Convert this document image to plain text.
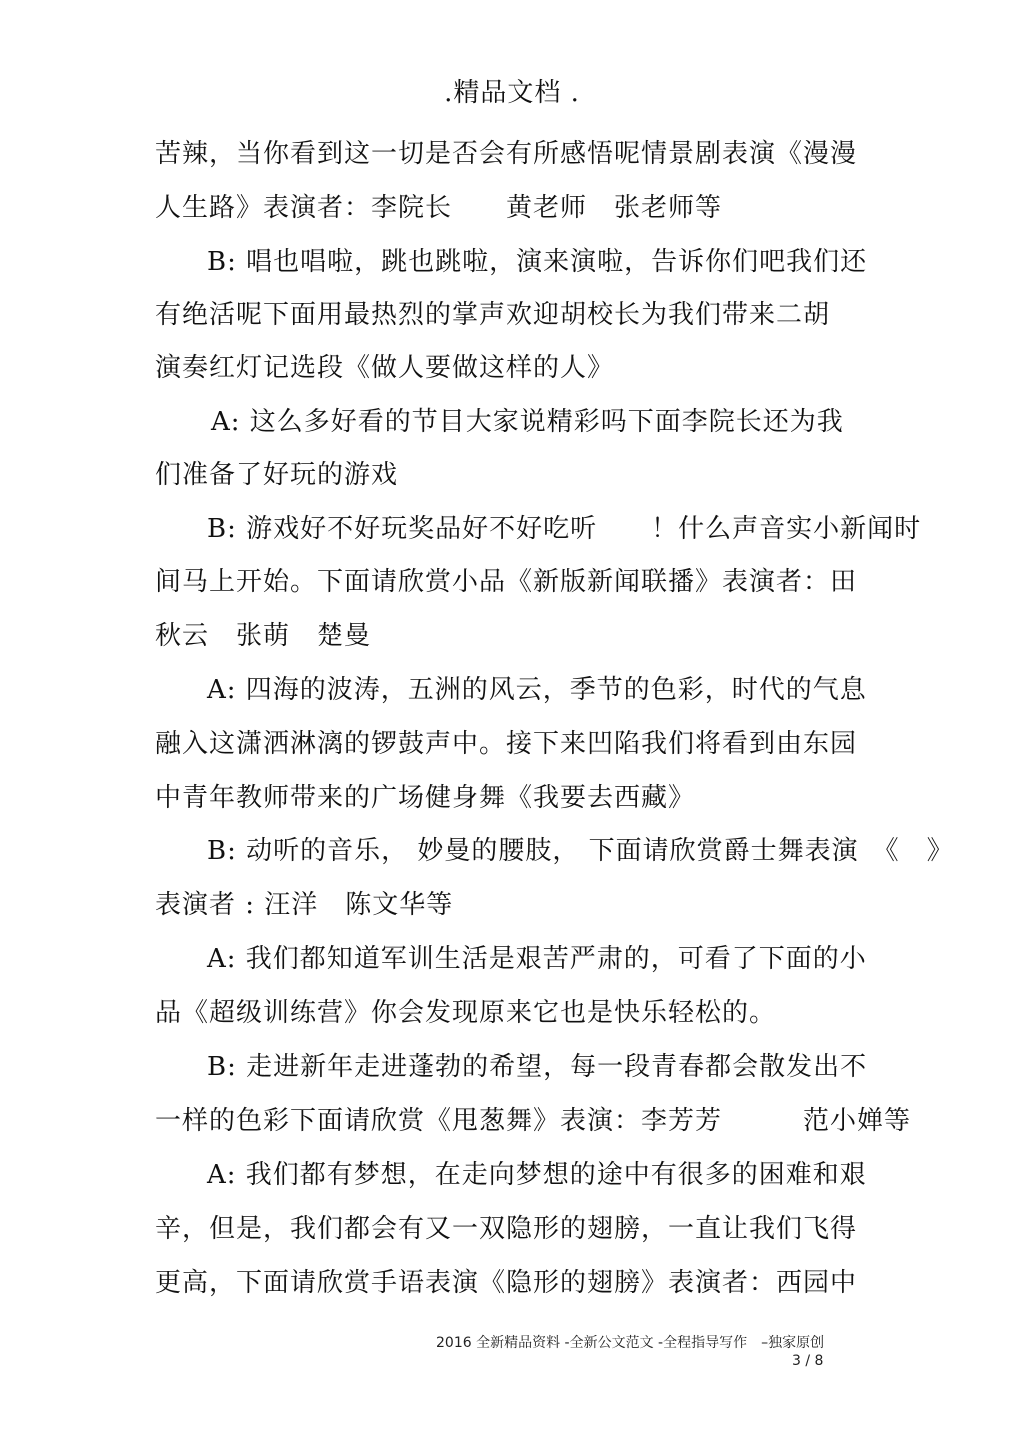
.精品文档 .
苦辣，当你看到这一切是否会有所感悟呢情景剧表演《漫漫
人生路》表演者：李院长　　黄老师　张老师等
B: 唱也唱啦，跳也跳啦，演来演啦，告诉你们吧我们还
有绝活呢下面用最热烈的掌声欢迎胡校长为我们带来二胡
演奏红灯记选段《做人要做这样的人》
A: 这么多好看的节目大家说精彩吗下面李院长还为我
们准备了好玩的游戏
B: 游戏好不好玩奖品好不好吃听　　！什么声音实小新闻时
间马上开始。下面请欣赏小品《新版新闻联播》表演者：田
秋云　张萌　楚曼
A: 四海的波涛，五洲的风云，季节的色彩，时代的气息
融入这潇洒淋漓的锣鼓声中。接下来凹陷我们将看到由东园
中青年教师带来的广场健身舞《我要去西藏》
B: 动听的音乐， 妙曼的腰肢， 下面请欣赏爵士舞表演　《　》
表演者 : 汪洋　陈文华等
A: 我们都知道军训生活是艰苦严肃的，可看了下面的小
品《超级训练营》你会发现原来它也是快乐轻松的。
B: 走进新年走进蓬勃的希望，每一段青春都会散发出不
一样的色彩下面请欣赏《甩葱舞》表演：李芳芳　　　范小婵等
A: 我们都有梦想，在走向梦想的途中有很多的困难和艰
辛，但是，我们都会有又一双隐形的翅膀，一直让我们飞得
更高，下面请欣赏手语表演《隐形的翅膀》表演者：西园中
2016 全新精品资料 -全新公文范文 -全程指导写作　–独家原创
3 / 8
